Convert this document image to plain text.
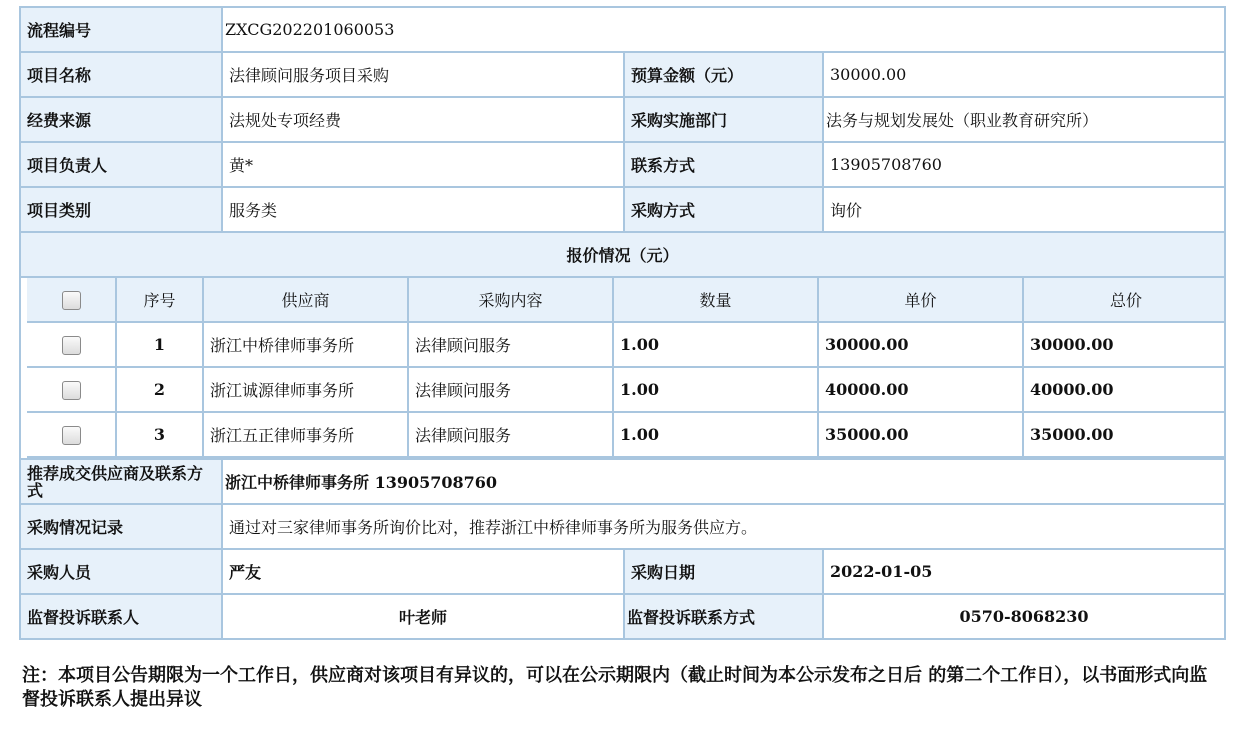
流程编号	ZXCG202201060053
项目名称	法律顾问服务项目采购	预算金额（元）	30000.00
经费来源	法规处专项经费	采购实施部门	法务与规划发展处（职业教育研究所）
项目负责人	黄*	联系方式	13905708760
项目类别	服务类	采购方式	询价
报价情况（元）

	序号	供应商	采购内容	数量	单价	总价
	1	浙江中桥律师事务所	法律顾问服务	1.00	30000.00	30000.00
	2	浙江诚源律师事务所	法律顾问服务	1.00	40000.00	40000.00
	3	浙江五正律师事务所	法律顾问服务	1.00	35000.00	35000.00

推荐成交供应商及联系方式	浙江中桥律师事务所 13905708760
采购情况记录	通过对三家律师事务所询价比对，推荐浙江中桥律师事务所为服务供应方。
采购人员	严友	采购日期	2022-01-05
监督投诉联系人	叶老师	监督投诉联系方式	0570-8068230
注：本项目公告期限为一个工作日，供应商对该项目有异议的，可以在公示期限内（截止时间为本公示发布之日后 的第二个工作日），以书面形式向监督投诉联系人提出异议
